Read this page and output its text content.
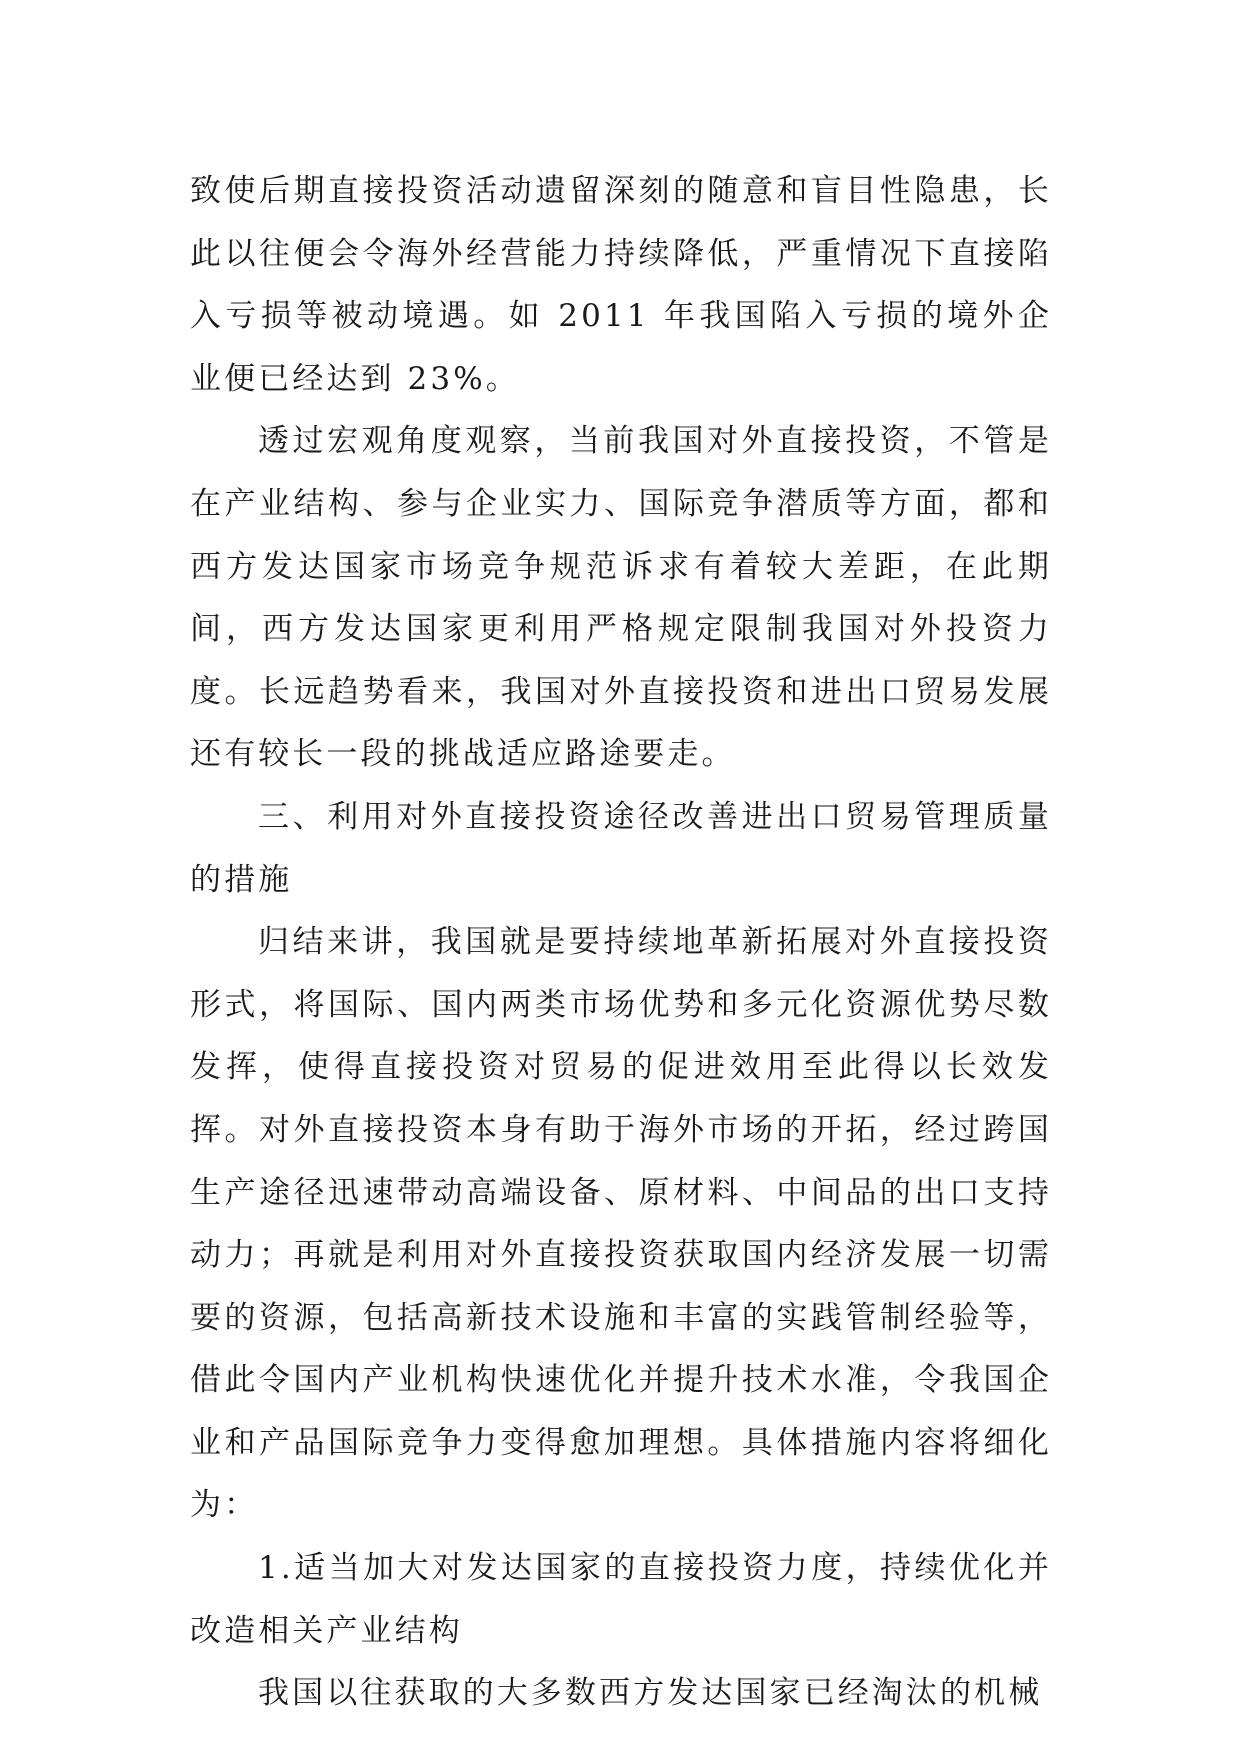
致使后期直接投资活动遗留深刻的随意和盲目性隐患，长此以往便会令海外经营能力持续降低，严重情况下直接陷入亏损等被动境遇。如 2011 年我国陷入亏损的境外企业便已经达到 23%。

透过宏观角度观察，当前我国对外直接投资，不管是在产业结构、参与企业实力、国际竞争潜质等方面，都和西方发达国家市场竞争规范诉求有着较大差距，在此期间，西方发达国家更利用严格规定限制我国对外投资力度。长远趋势看来，我国对外直接投资和进出口贸易发展还有较长一段的挑战适应路途要走。

三、利用对外直接投资途径改善进出口贸易管理质量的措施

归结来讲，我国就是要持续地革新拓展对外直接投资形式，将国际、国内两类市场优势和多元化资源优势尽数发挥，使得直接投资对贸易的促进效用至此得以长效发挥。对外直接投资本身有助于海外市场的开拓，经过跨国生产途径迅速带动高端设备、原材料、中间品的出口支持动力；再就是利用对外直接投资获取国内经济发展一切需要的资源，包括高新技术设施和丰富的实践管制经验等，借此令国内产业机构快速优化并提升技术水准，令我国企业和产品国际竞争力变得愈加理想。具体措施内容将细化为：

1.适当加大对发达国家的直接投资力度，持续优化并改造相关产业结构

我国以往获取的大多数西方发达国家已经淘汰的机械
